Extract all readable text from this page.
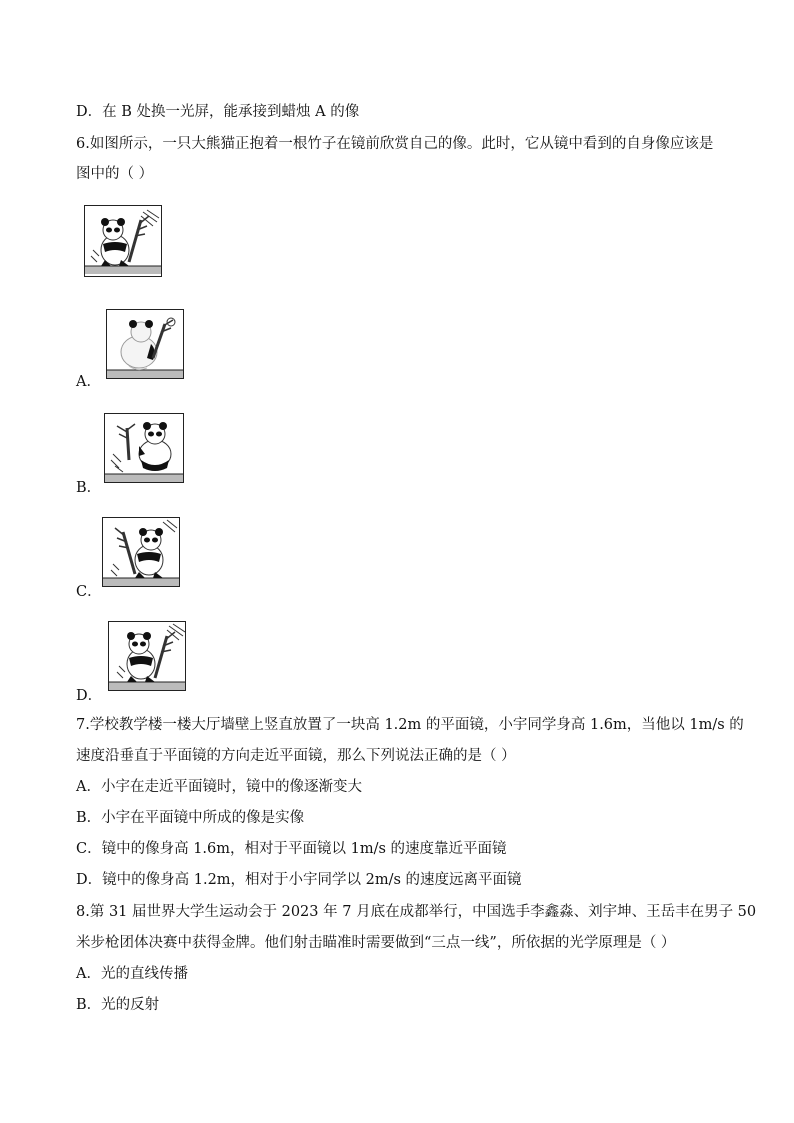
D．在 B 处换一光屏，能承接到蜡烛 A 的像
6.如图所示，一只大熊猫正抱着一根竹子在镜前欣赏自己的像。此时，它从镜中看到的自身像应该是
图中的（ ）
A．
B．
C．
D．
7.学校教学楼一楼大厅墙壁上竖直放置了一块高 1.2m 的平面镜，小宇同学身高 1.6m，当他以 1m/s 的
速度沿垂直于平面镜的方向走近平面镜，那么下列说法正确的是（ ）
A．小宇在走近平面镜时，镜中的像逐渐变大
B．小宇在平面镜中所成的像是实像
C．镜中的像身高 1.6m，相对于平面镜以 1m/s 的速度靠近平面镜
D．镜中的像身高 1.2m，相对于小宇同学以 2m/s 的速度远离平面镜
8.第 31 届世界大学生运动会于 2023 年 7 月底在成都举行，中国选手李鑫淼、刘宇坤、王岳丰在男子 50
米步枪团体决赛中获得金牌。他们射击瞄准时需要做到“三点一线”，所依据的光学原理是（ ）
A．光的直线传播
B．光的反射
